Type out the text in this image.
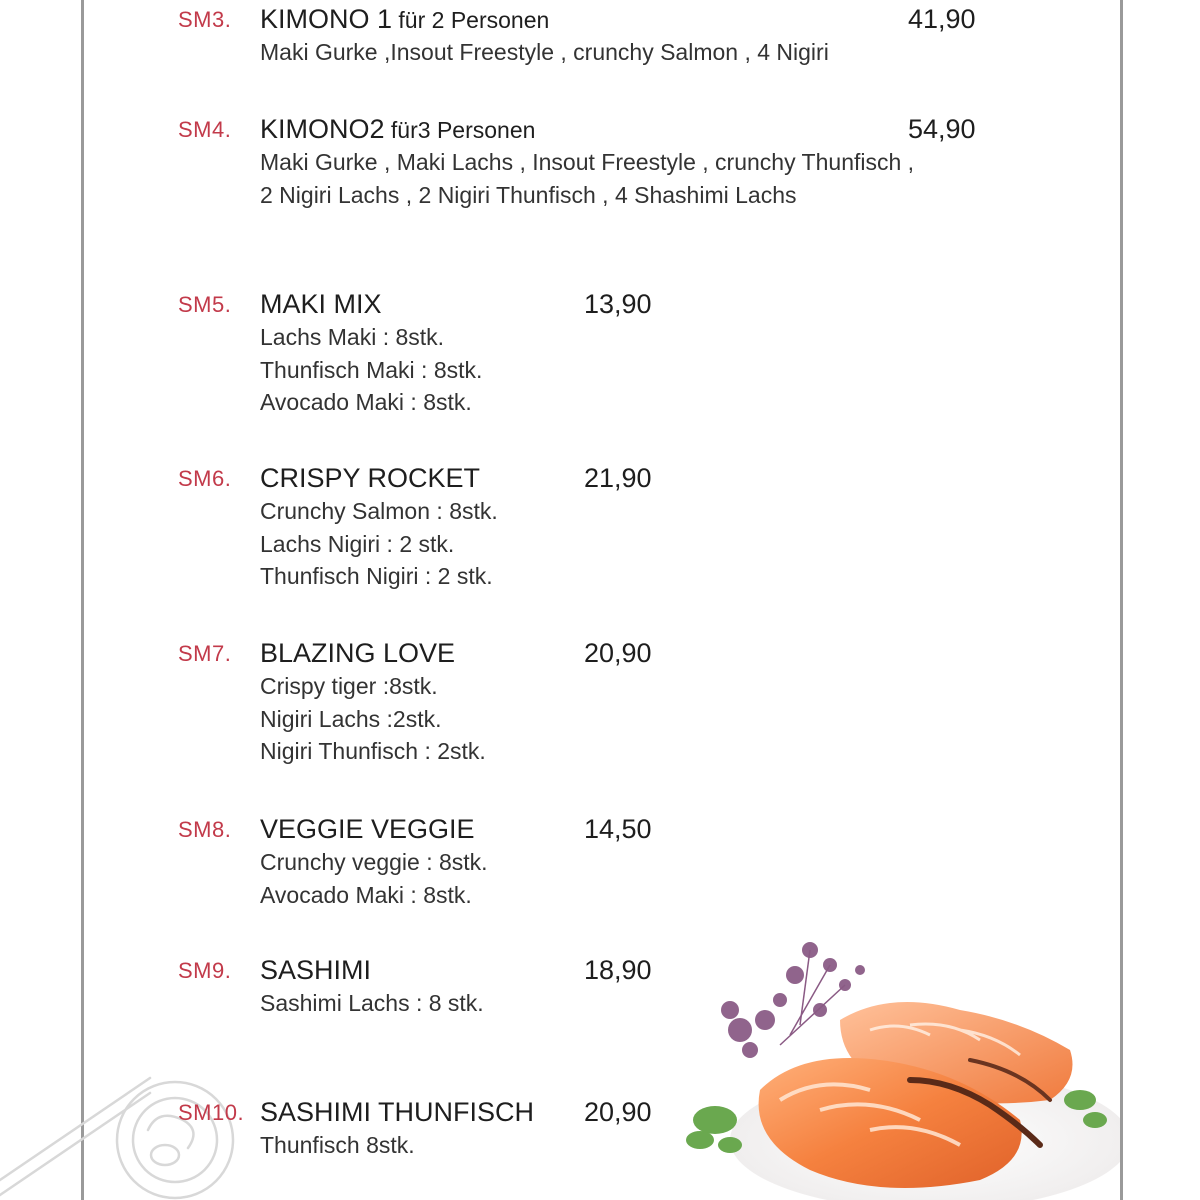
SM3. KIMONO 1 für 2 Personen	41,90
Maki Gurke ,Insout Freestyle , crunchy Salmon , 4 Nigiri
SM4. KIMONO2 für3 Personen	54,90
Maki Gurke , Maki Lachs , Insout Freestyle , crunchy Thunfisch ,
2 Nigiri Lachs , 2 Nigiri Thunfisch , 4 Shashimi Lachs
SM5. MAKI MIX	13,90
Lachs Maki : 8stk.
Thunfisch Maki : 8stk.
Avocado Maki : 8stk.
SM6. CRISPY ROCKET	21,90
Crunchy Salmon : 8stk.
Lachs Nigiri : 2 stk.
Thunfisch Nigiri : 2 stk.
SM7. BLAZING LOVE	20,90
Crispy tiger :8stk.
Nigiri Lachs :2stk.
Nigiri Thunfisch : 2stk.
SM8. VEGGIE VEGGIE	14,50
Crunchy veggie : 8stk.
Avocado Maki : 8stk.
SM9. SASHIMI	18,90
Sashimi Lachs : 8 stk.
SM10. SASHIMI THUNFISCH 20,90
Thunfisch 8stk.
